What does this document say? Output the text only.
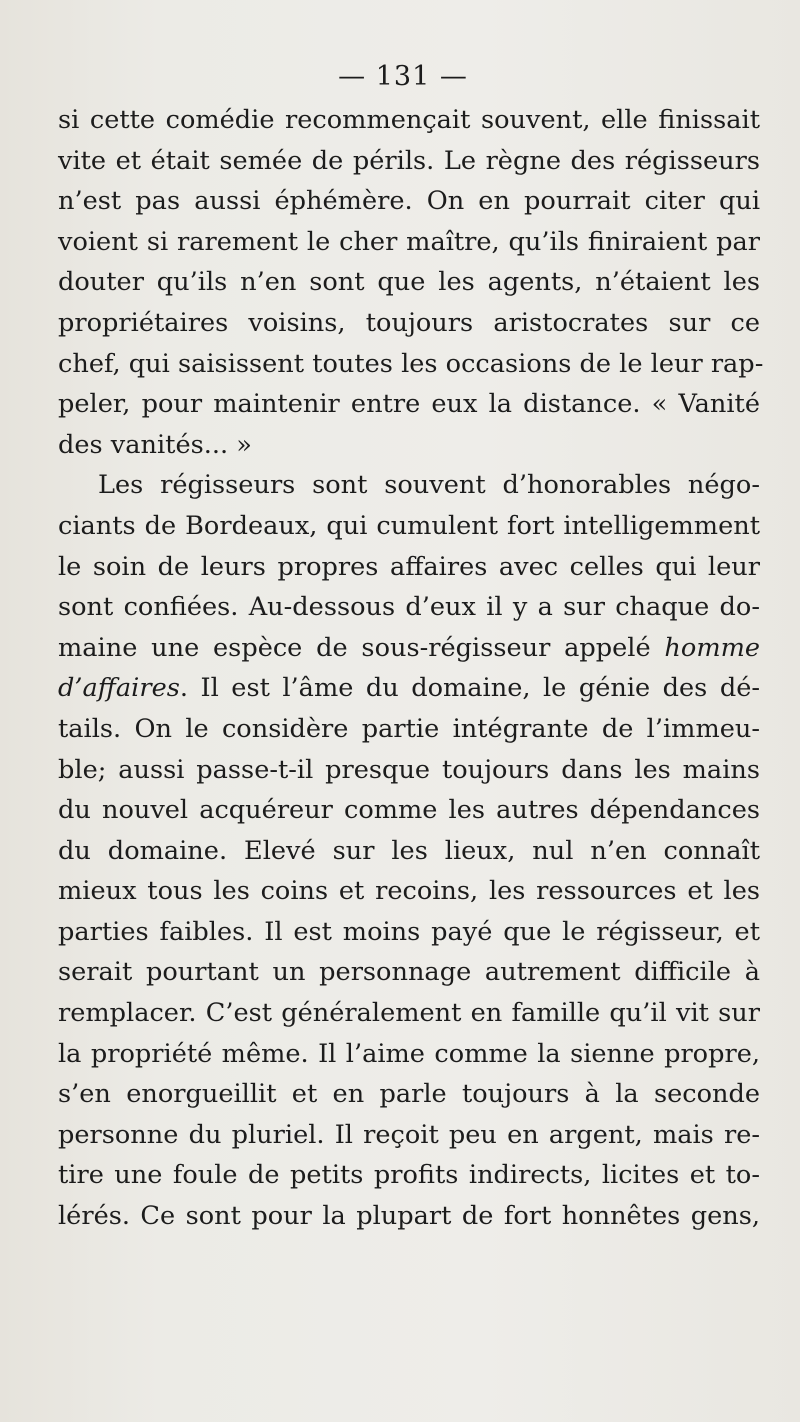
— 131 —
si cette comédie recommençait souvent, elle finissait
vite et était semée de périls. Le règne des régisseurs
n’est pas aussi éphémère. On en pourrait citer qui
voient si rarement le cher maître, qu’ils finiraient par
douter qu’ils n’en sont que les agents, n’étaient les
propriétaires voisins, toujours aristocrates sur ce
chef, qui saisissent toutes les occasions de le leur rap-
peler, pour maintenir entre eux la distance. « Vanité
des vanités... »
Les régisseurs sont souvent d’honorables négo-
ciants de Bordeaux, qui cumulent fort intelligemment
le soin de leurs propres affaires avec celles qui leur
sont confiées. Au-dessous d’eux il y a sur chaque do-
maine une espèce de sous-régisseur appelé homme
d’affaires. Il est l’âme du domaine, le génie des dé-
tails. On le considère partie intégrante de l’immeu-
ble; aussi passe-t-il presque toujours dans les mains
du nouvel acquéreur comme les autres dépendances
du domaine. Elevé sur les lieux, nul n’en connaît
mieux tous les coins et recoins, les ressources et les
parties faibles. Il est moins payé que le régisseur, et
serait pourtant un personnage autrement difficile à
remplacer. C’est généralement en famille qu’il vit sur
la propriété même. Il l’aime comme la sienne propre,
s’en enorgueillit et en parle toujours à la seconde
personne du pluriel. Il reçoit peu en argent, mais re-
tire une foule de petits profits indirects, licites et to-
lérés. Ce sont pour la plupart de fort honnêtes gens,
